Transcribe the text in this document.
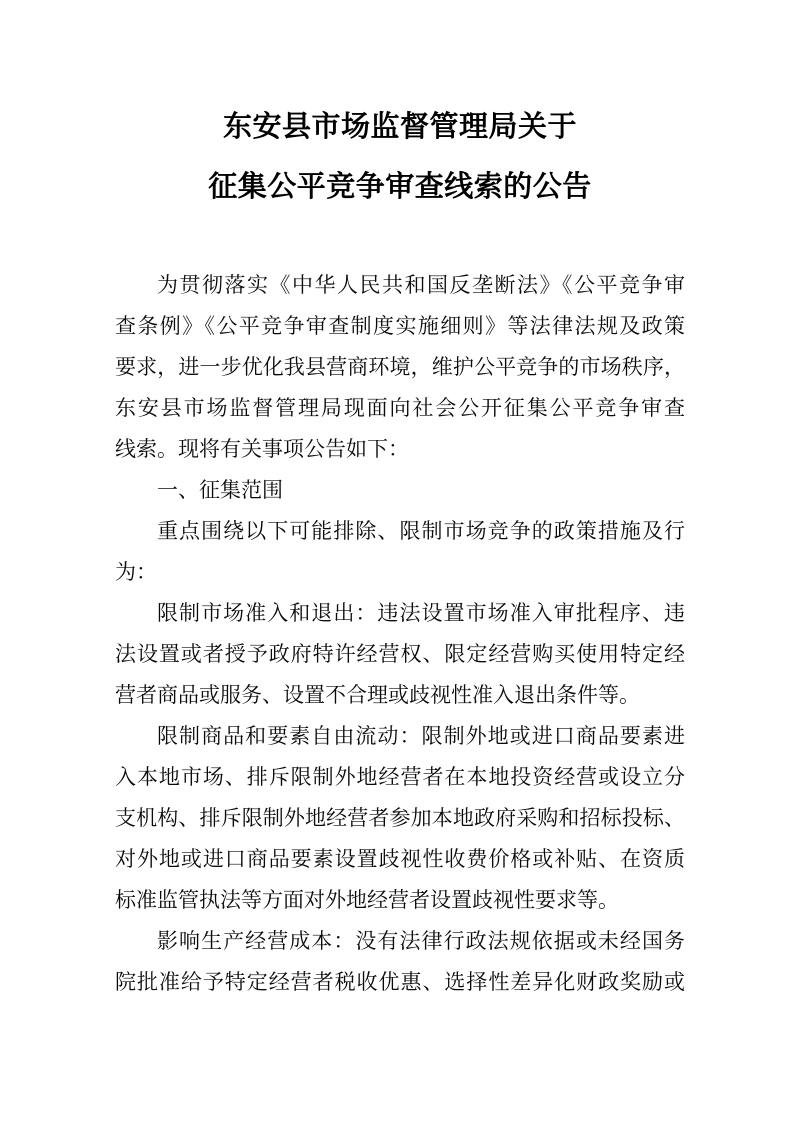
东安县市场监督管理局关于
征集公平竞争审查线索的公告
为贯彻落实《中华人民共和国反垄断法》《公平竞争审
查条例》《公平竞争审查制度实施细则》等法律法规及政策
要求，进一步优化我县营商环境，维护公平竞争的市场秩序，
东安县市场监督管理局现面向社会公开征集公平竞争审查
线索。现将有关事项公告如下：
一、征集范围
重点围绕以下可能排除、限制市场竞争的政策措施及行
为：
限制市场准入和退出：违法设置市场准入审批程序、违
法设置或者授予政府特许经营权、限定经营购买使用特定经
营者商品或服务、设置不合理或歧视性准入退出条件等。
限制商品和要素自由流动：限制外地或进口商品要素进
入本地市场、排斥限制外地经营者在本地投资经营或设立分
支机构、排斥限制外地经营者参加本地政府采购和招标投标、
对外地或进口商品要素设置歧视性收费价格或补贴、在资质
标准监管执法等方面对外地经营者设置歧视性要求等。
影响生产经营成本：没有法律行政法规依据或未经国务
院批准给予特定经营者税收优惠、选择性差异化财政奖励或
